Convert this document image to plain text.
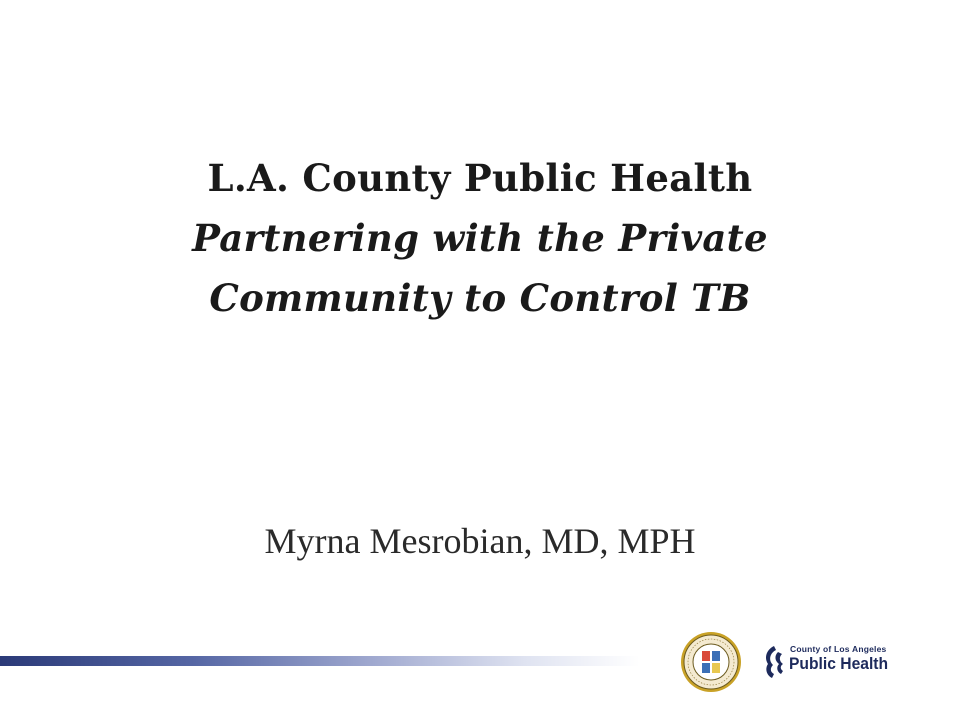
L.A. County Public Health
Partnering with the Private
Community to Control TB
Myrna Mesrobian, MD, MPH
County of Los Angeles
Public Health
